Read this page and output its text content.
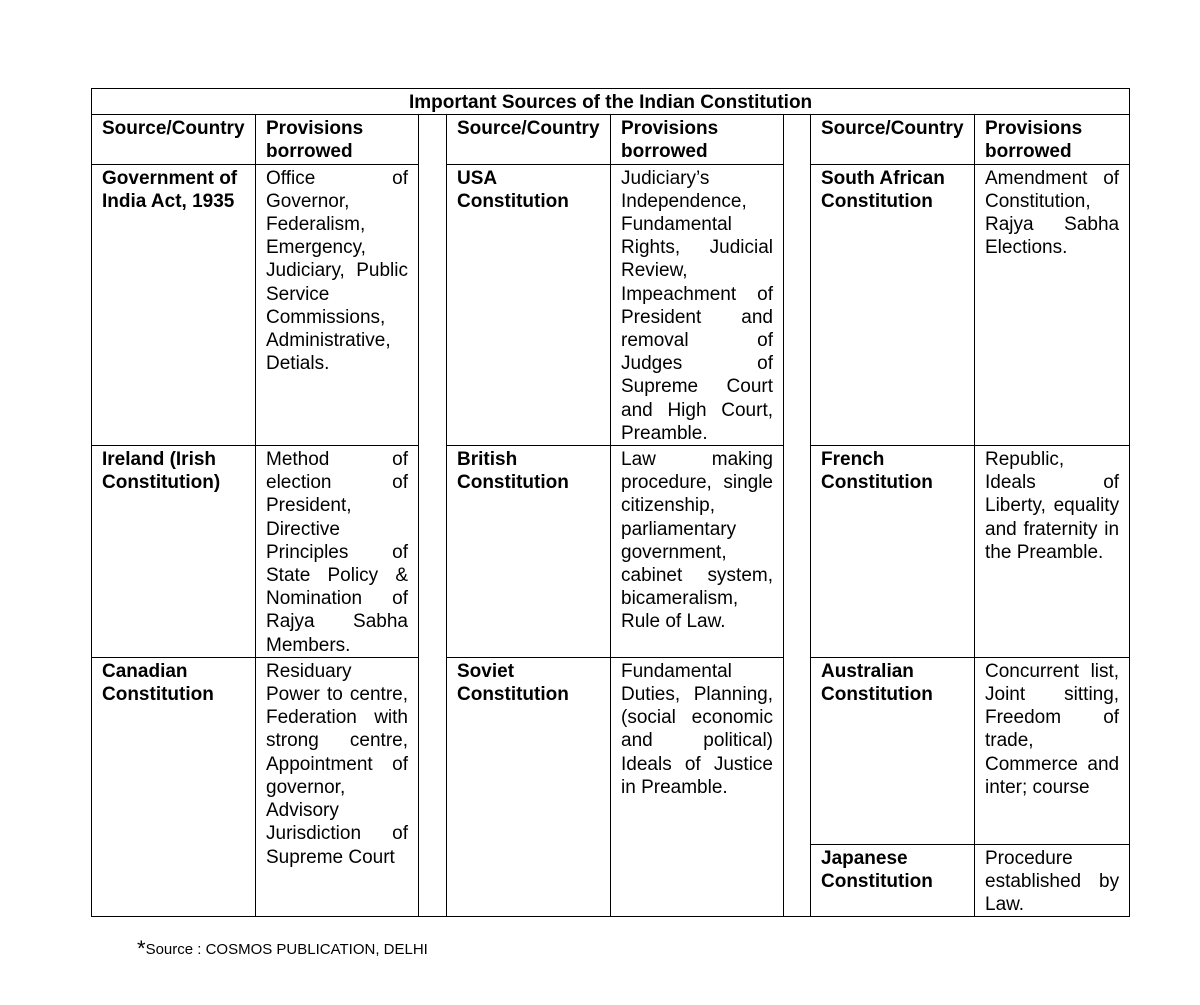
Important Sources of the Indian Constitution							
Source/Country	Provisions borrowed		Source/Country	Provisions borrowed		Source/Country	Provisions borrowed
Government of India Act, 1935	Office of Governor, Federalism, Emergency, Judiciary, Public Service Commissions, Administrative, Detials.		USA Constitution	Judiciary’s Independence, Fundamental Rights, Judicial Review, Impeachment of President and removal of Judges of Supreme Court and High Court, Preamble.		South African Constitution	Amendment of Constitution, Rajya Sabha Elections.
Ireland (Irish Constitution)	Method of election of President, Directive Principles of State Policy & Nomination of Rajya Sabha Members.		British Constitution	Law making procedure, single citizenship, parliamentary government, cabinet system, bicameralism, Rule of Law.		French Constitution	Republic, Ideals of Liberty, equality and fraternity in the Preamble.
Canadian Constitution	Residuary Power to centre, Federation with strong centre, Appointment of governor, Advisory Jurisdiction of Supreme Court		Soviet Constitution	Fundamental Duties, Planning, (social economic and political) Ideals of Justice in Preamble.		Australian Constitution	Concurrent list, Joint sitting, Freedom of trade, Commerce and inter; course
						Japanese Constitution	Procedure established by Law.
*Source : COSMOS PUBLICATION, DELHI
